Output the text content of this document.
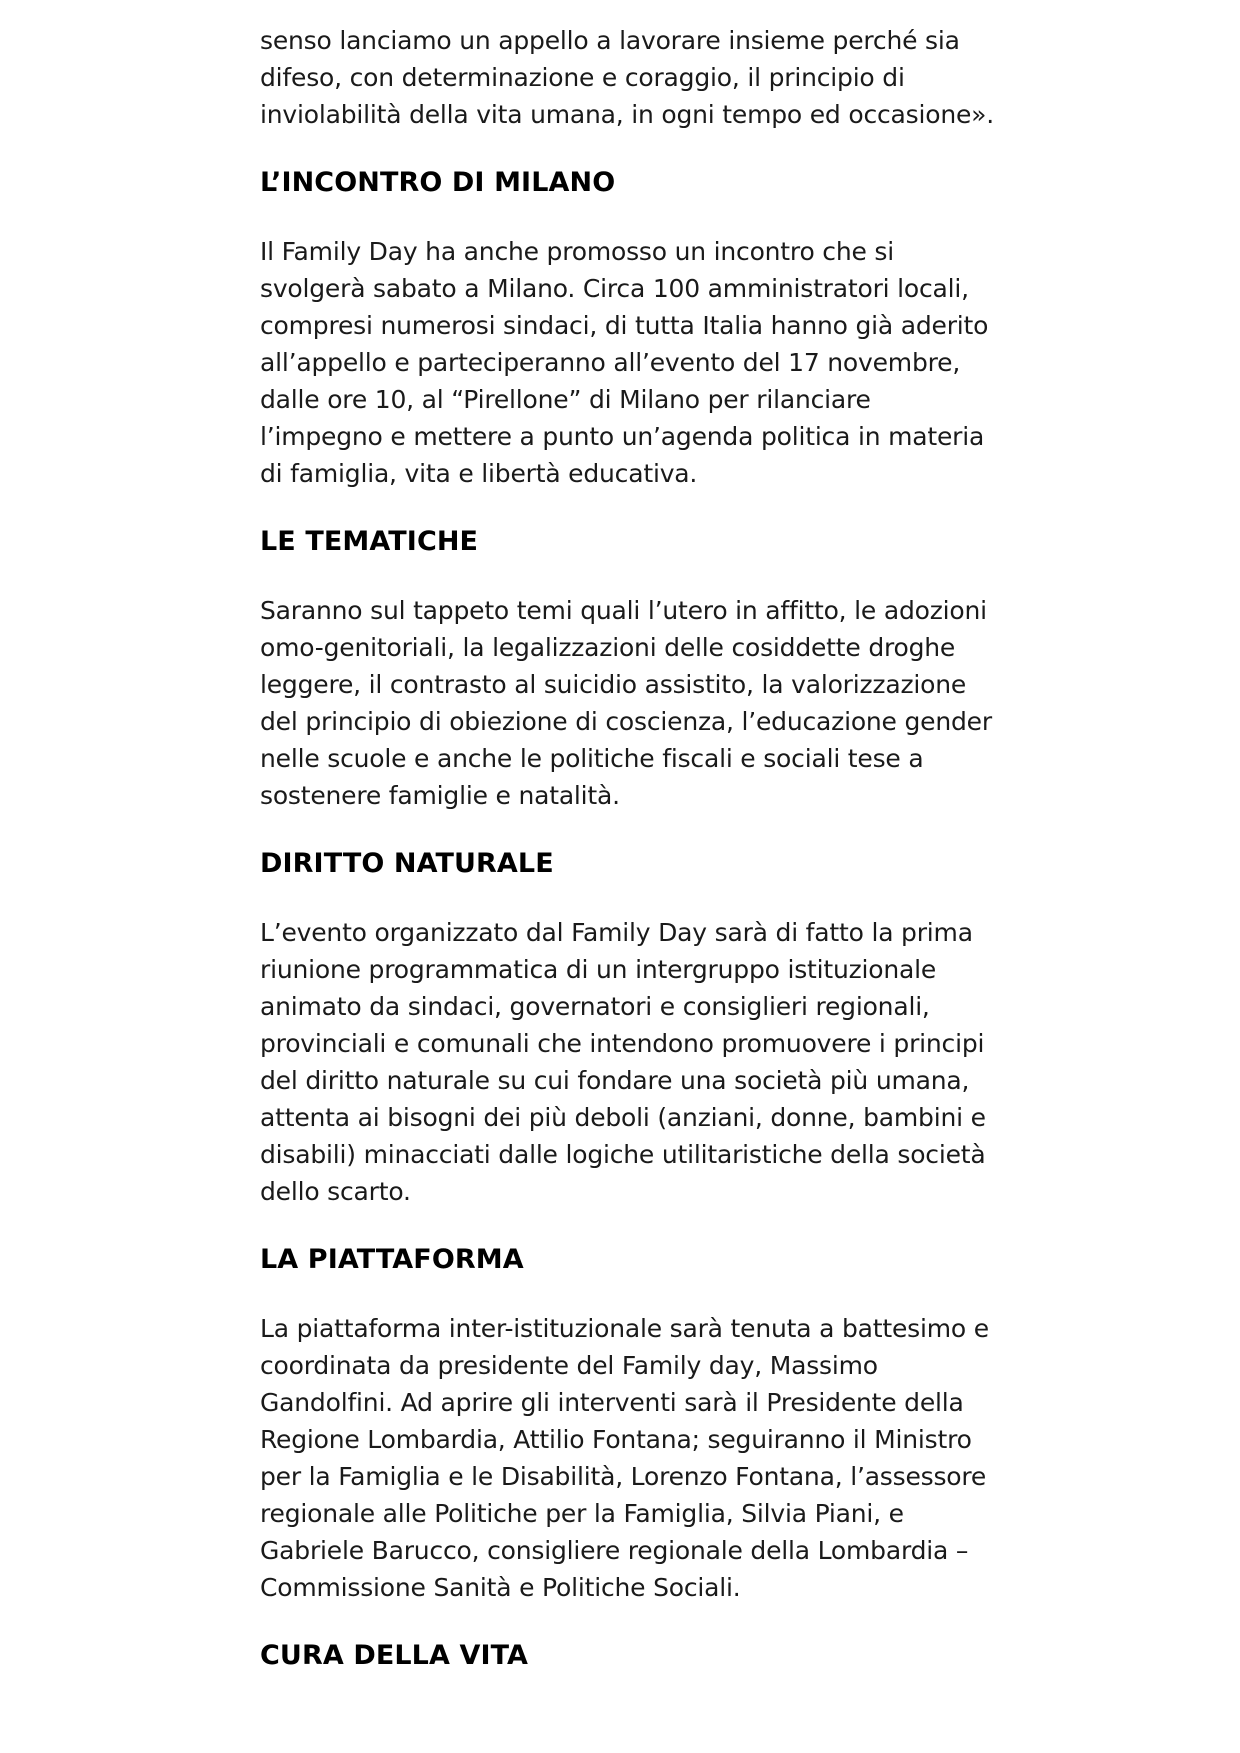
senso lanciamo un appello a lavorare insieme perché sia
difeso, con determinazione e coraggio, il principio di
inviolabilità della vita umana, in ogni tempo ed occasione».

L’INCONTRO DI MILANO

Il Family Day ha anche promosso un incontro che si
svolgerà sabato a Milano. Circa 100 amministratori locali,
compresi numerosi sindaci, di tutta Italia hanno già aderito
all’appello e parteciperanno all’evento del 17 novembre,
dalle ore 10, al “Pirellone” di Milano per rilanciare
l’impegno e mettere a punto un’agenda politica in materia
di famiglia, vita e libertà educativa.

LE TEMATICHE

Saranno sul tappeto temi quali l’utero in affitto, le adozioni
omo-genitoriali, la legalizzazioni delle cosiddette droghe
leggere, il contrasto al suicidio assistito, la valorizzazione
del principio di obiezione di coscienza, l’educazione gender
nelle scuole e anche le politiche fiscali e sociali tese a
sostenere famiglie e natalità.

DIRITTO NATURALE

L’evento organizzato dal Family Day sarà di fatto la prima
riunione programmatica di un intergruppo istituzionale
animato da sindaci, governatori e consiglieri regionali,
provinciali e comunali che intendono promuovere i principi
del diritto naturale su cui fondare una società più umana,
attenta ai bisogni dei più deboli (anziani, donne, bambini e
disabili) minacciati dalle logiche utilitaristiche della società
dello scarto.

LA PIATTAFORMA

La piattaforma inter-istituzionale sarà tenuta a battesimo e
coordinata da presidente del Family day, Massimo
Gandolfini. Ad aprire gli interventi sarà il Presidente della
Regione Lombardia, Attilio Fontana; seguiranno il Ministro
per la Famiglia e le Disabilità, Lorenzo Fontana, l’assessore
regionale alle Politiche per la Famiglia, Silvia Piani, e
Gabriele Barucco, consigliere regionale della Lombardia –
Commissione Sanità e Politiche Sociali.

CURA DELLA VITA
